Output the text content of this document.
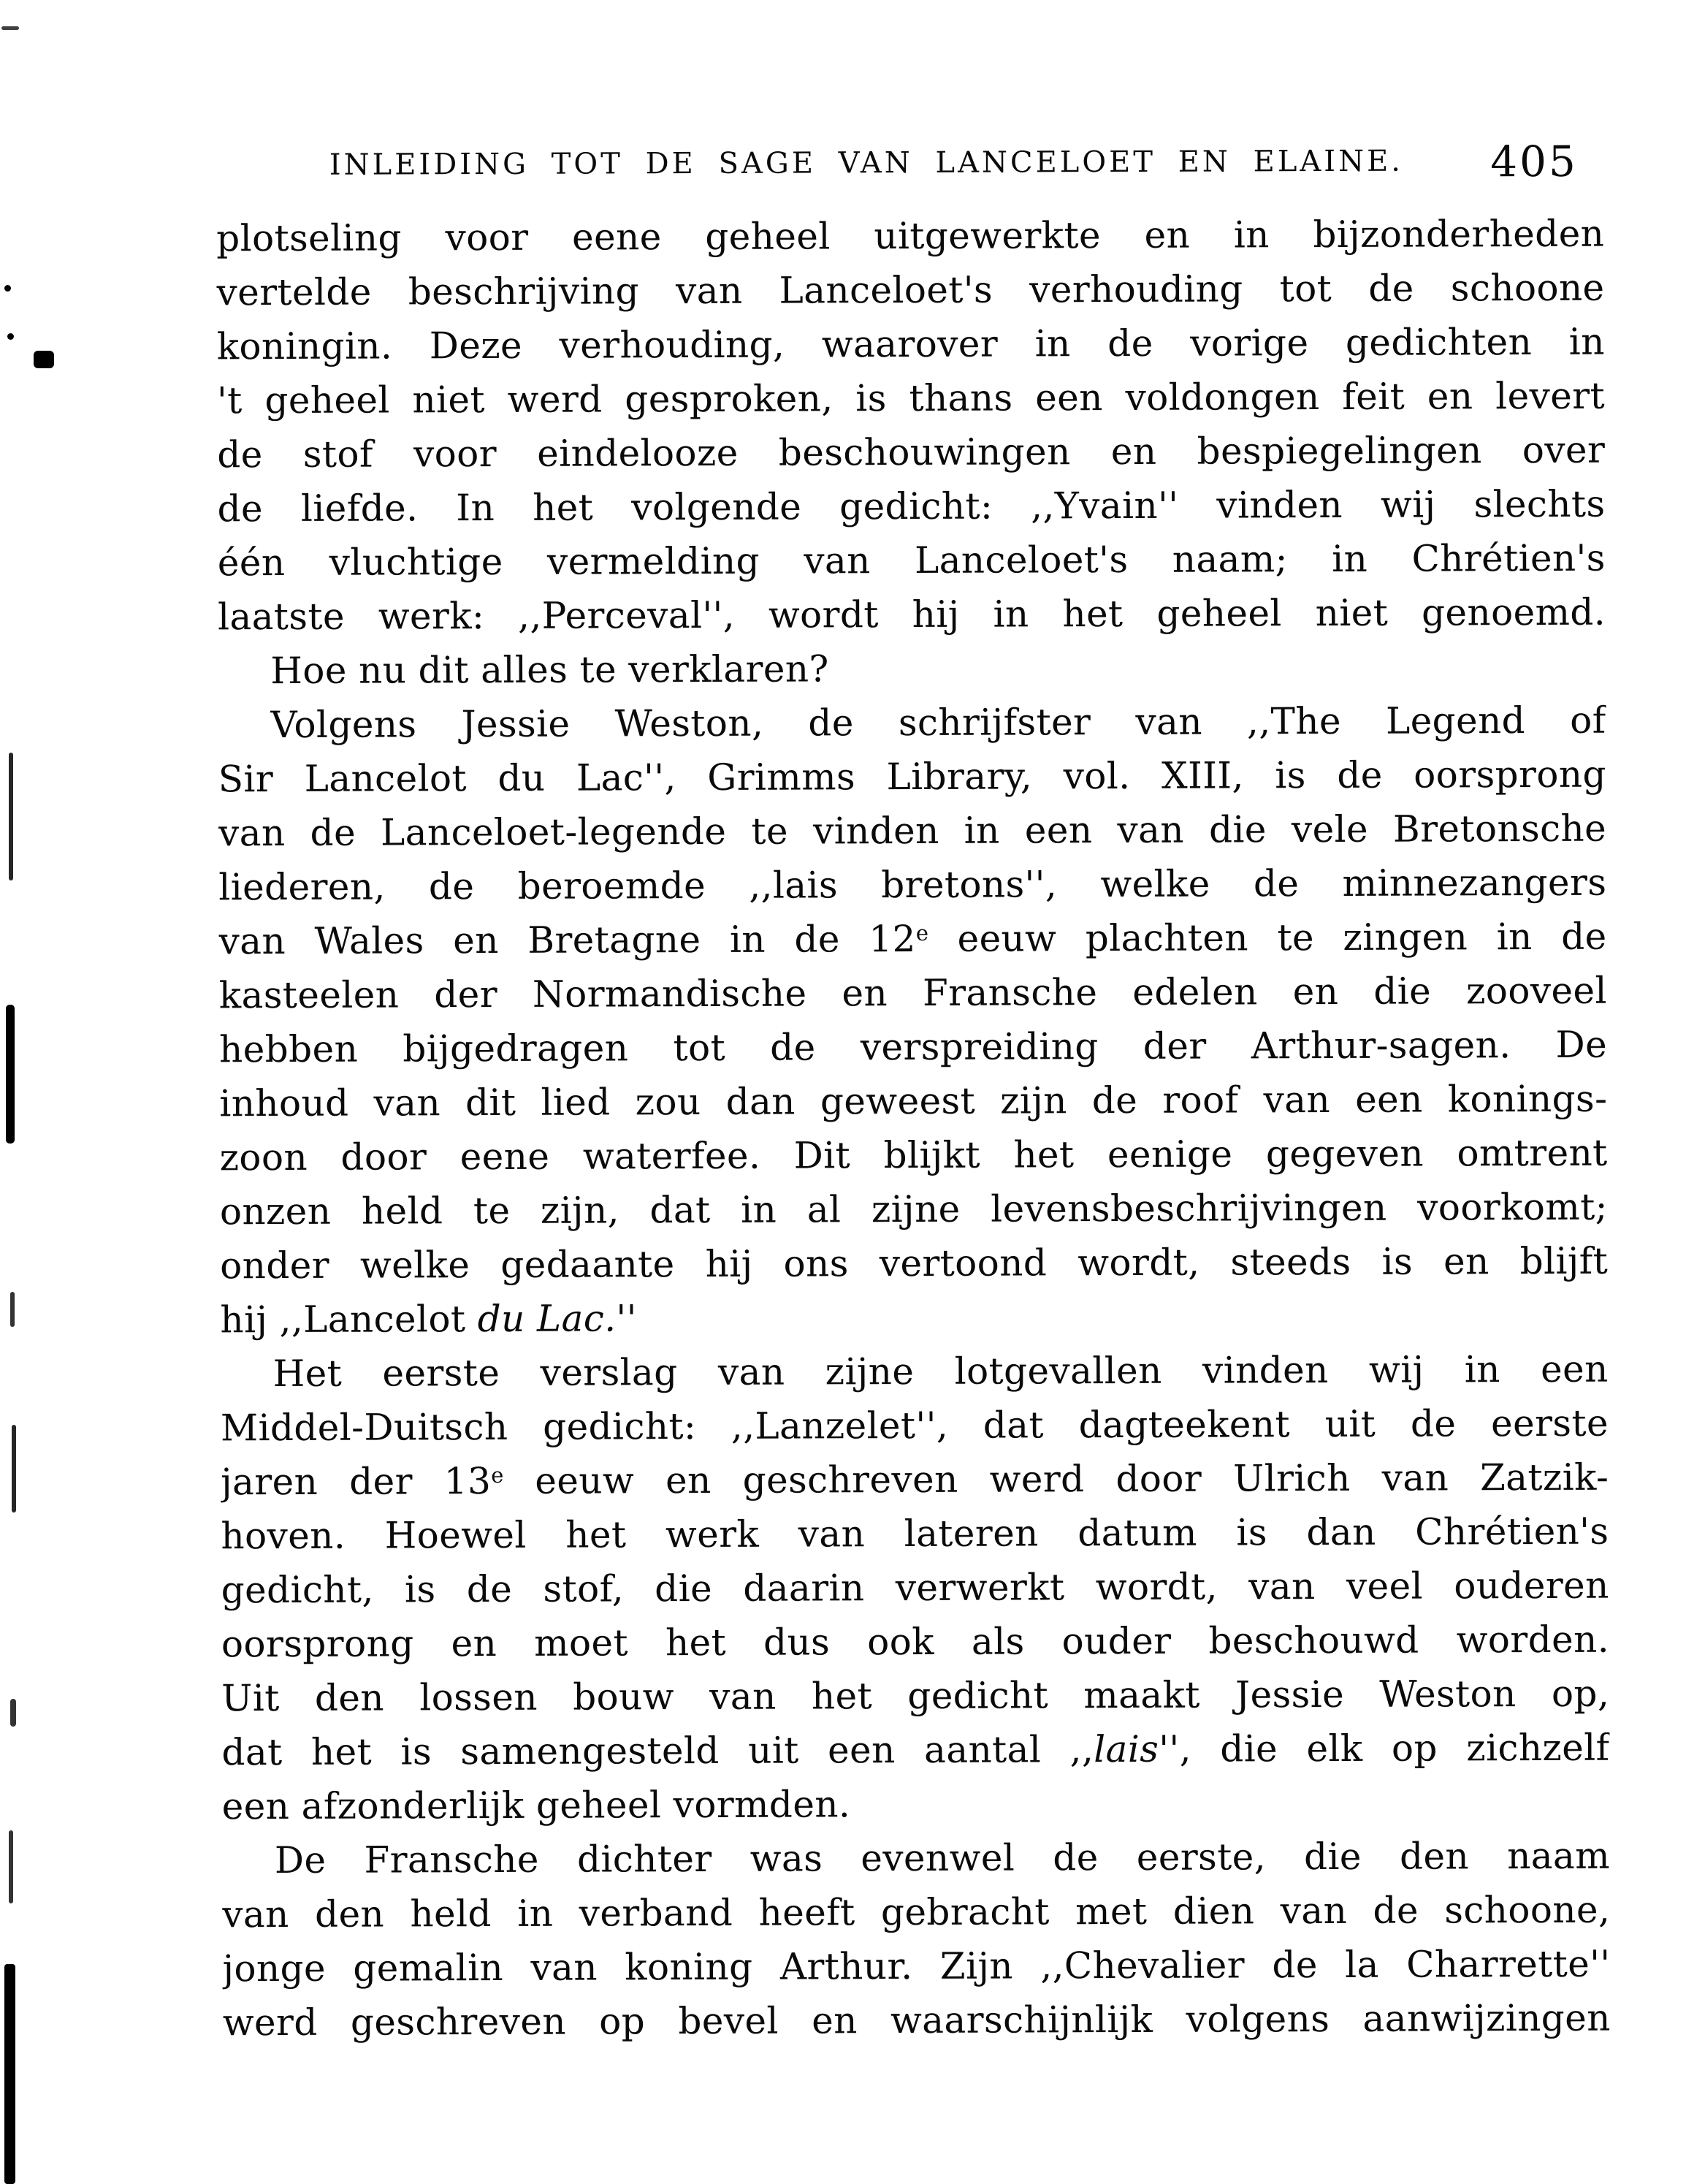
INLEIDING TOT DE SAGE VAN LANCELOET EN ELAINE.	405
plotseling voor eene geheel uitgewerkte en in bijzonderheden
vertelde beschrijving van Lanceloet's verhouding tot de schoone
koningin. Deze verhouding, waarover in de vorige gedichten in
't geheel niet werd gesproken, is thans een voldongen feit en levert
de stof voor eindelooze beschouwingen en bespiegelingen over
de liefde. In het volgende gedicht: ,,Yvain'' vinden wij slechts
één vluchtige vermelding van Lanceloet's naam; in Chrétien's
laatste werk: ,,Perceval'', wordt hij in het geheel niet genoemd.
Hoe nu dit alles te verklaren?
Volgens Jessie Weston, de schrijfster van ,,The Legend of
Sir Lancelot du Lac'', Grimms Library, vol. XIII, is de oorsprong
van de Lanceloet-legende te vinden in een van die vele Bretonsche
liederen, de beroemde ,,lais bretons'', welke de minnezangers
van Wales en Bretagne in de 12e eeuw plachten te zingen in de
kasteelen der Normandische en Fransche edelen en die zooveel
hebben bijgedragen tot de verspreiding der Arthur-sagen. De
inhoud van dit lied zou dan geweest zijn de roof van een konings-
zoon door eene waterfee. Dit blijkt het eenige gegeven omtrent
onzen held te zijn, dat in al zijne levensbeschrijvingen voorkomt;
onder welke gedaante hij ons vertoond wordt, steeds is en blijft
hij ,,Lancelot du Lac.''
Het eerste verslag van zijne lotgevallen vinden wij in een
Middel-Duitsch gedicht: ,,Lanzelet'', dat dagteekent uit de eerste
jaren der 13e eeuw en geschreven werd door Ulrich van Zatzik-
hoven. Hoewel het werk van lateren datum is dan Chrétien's
gedicht, is de stof, die daarin verwerkt wordt, van veel ouderen
oorsprong en moet het dus ook als ouder beschouwd worden.
Uit den lossen bouw van het gedicht maakt Jessie Weston op,
dat het is samengesteld uit een aantal ,,lais'', die elk op zichzelf
een afzonderlijk geheel vormden.
De Fransche dichter was evenwel de eerste, die den naam
van den held in verband heeft gebracht met dien van de schoone,
jonge gemalin van koning Arthur. Zijn ,,Chevalier de la Charrette''
werd geschreven op bevel en waarschijnlijk volgens aanwijzingen
